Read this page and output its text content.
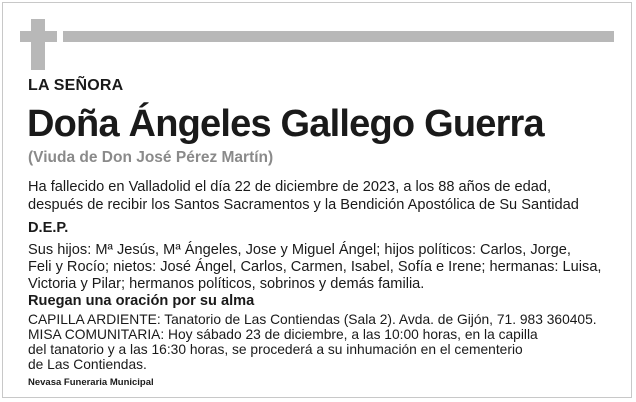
LA SEÑORA
Doña Ángeles Gallego Guerra
(Viuda de Don José Pérez Martín)
Ha fallecido en Valladolid el día 22 de diciembre de 2023, a los 88 años de edad,
después de recibir los Santos Sacramentos y la Bendición Apostólica de Su Santidad
D.E.P.
Sus hijos: Mª Jesús, Mª Ángeles, Jose y Miguel Ángel; hijos políticos: Carlos, Jorge,
Feli y Rocío; nietos: José Ángel, Carlos, Carmen, Isabel, Sofía e Irene; hermanas: Luisa,
Victoria y Pilar; hermanos políticos, sobrinos y demás familia.
Ruegan una oración por su alma
CAPILLA ARDIENTE: Tanatorio de Las Contiendas (Sala 2). Avda. de Gijón, 71. 983 360405.
MISA COMUNITARIA: Hoy sábado 23 de diciembre, a las 10:00 horas, en la capilla
del tanatorio y a las 16:30 horas, se procederá a su inhumación en el cementerio
de Las Contiendas.
Nevasa Funeraria Municipal
